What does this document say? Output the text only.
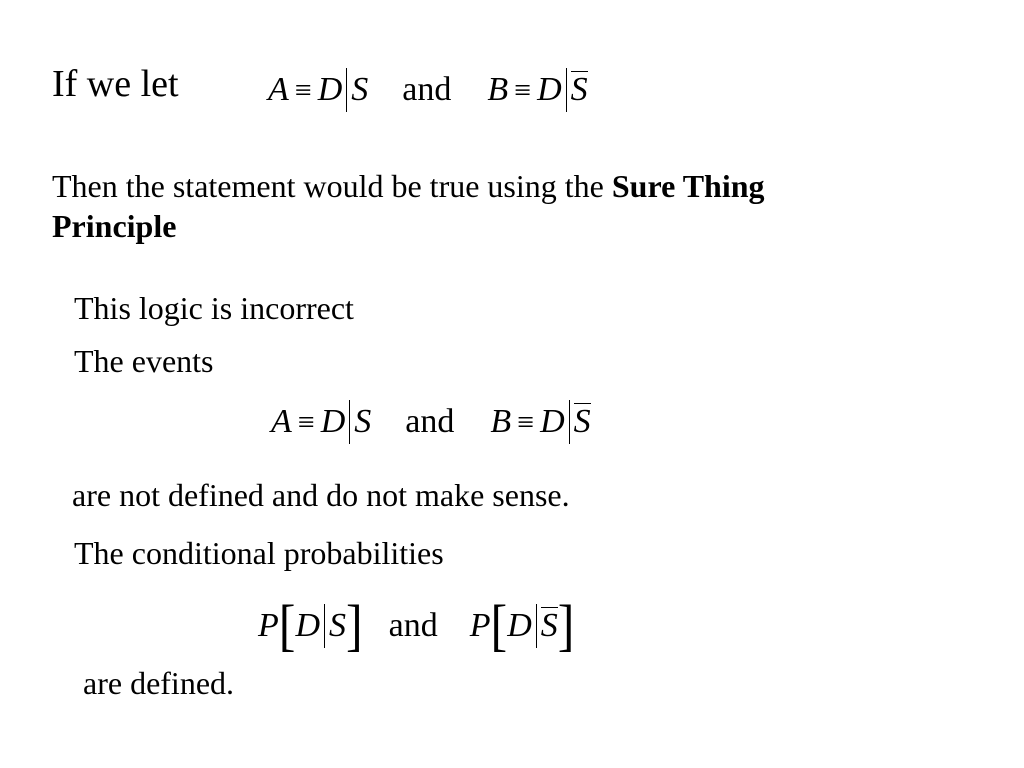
If we let	A ≡ D S and B ≡ D S
Then the statement would be true using the Sure Thing
Principle
This logic is incorrect
The events
A ≡ D S and B ≡ D S
are not defined and do not make sense.
The conditional probabilities
P[D S] and P[D S]
are defined.
